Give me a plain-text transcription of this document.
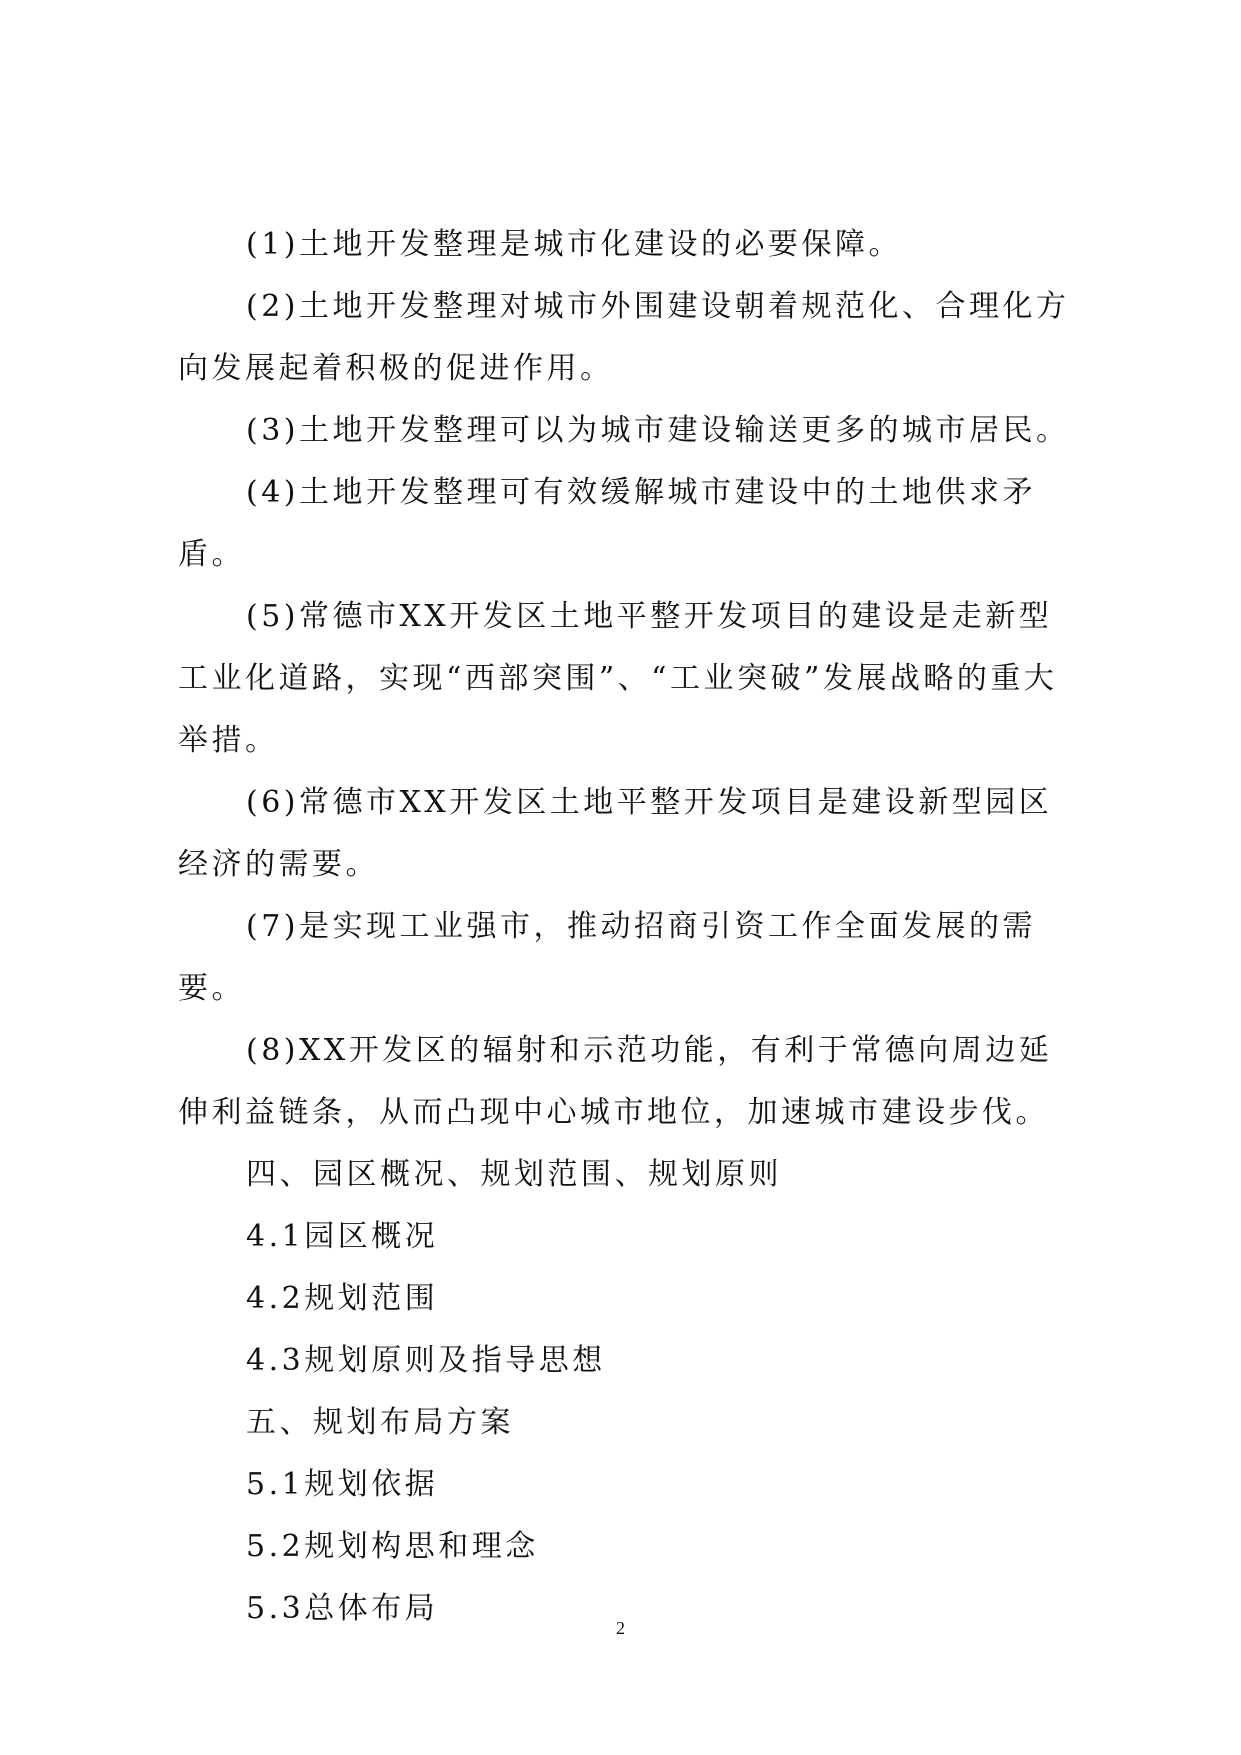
(1)土地开发整理是城市化建设的必要保障。

(2)土地开发整理对城市外围建设朝着规范化、合理化方向发展起着积极的促进作用。

(3)土地开发整理可以为城市建设输送更多的城市居民。

(4)土地开发整理可有效缓解城市建设中的土地供求矛盾。

(5)常德市XX开发区土地平整开发项目的建设是走新型工业化道路，实现“西部突围”、“工业突破”发展战略的重大举措。

(6)常德市XX开发区土地平整开发项目是建设新型园区经济的需要。

(7)是实现工业强市，推动招商引资工作全面发展的需要。

(8)XX开发区的辐射和示范功能，有利于常德向周边延伸利益链条，从而凸现中心城市地位，加速城市建设步伐。

四、园区概况、规划范围、规划原则

4.1园区概况

4.2规划范围

4.3规划原则及指导思想

五、规划布局方案

5.1规划依据

5.2规划构思和理念

5.3总体布局

2
